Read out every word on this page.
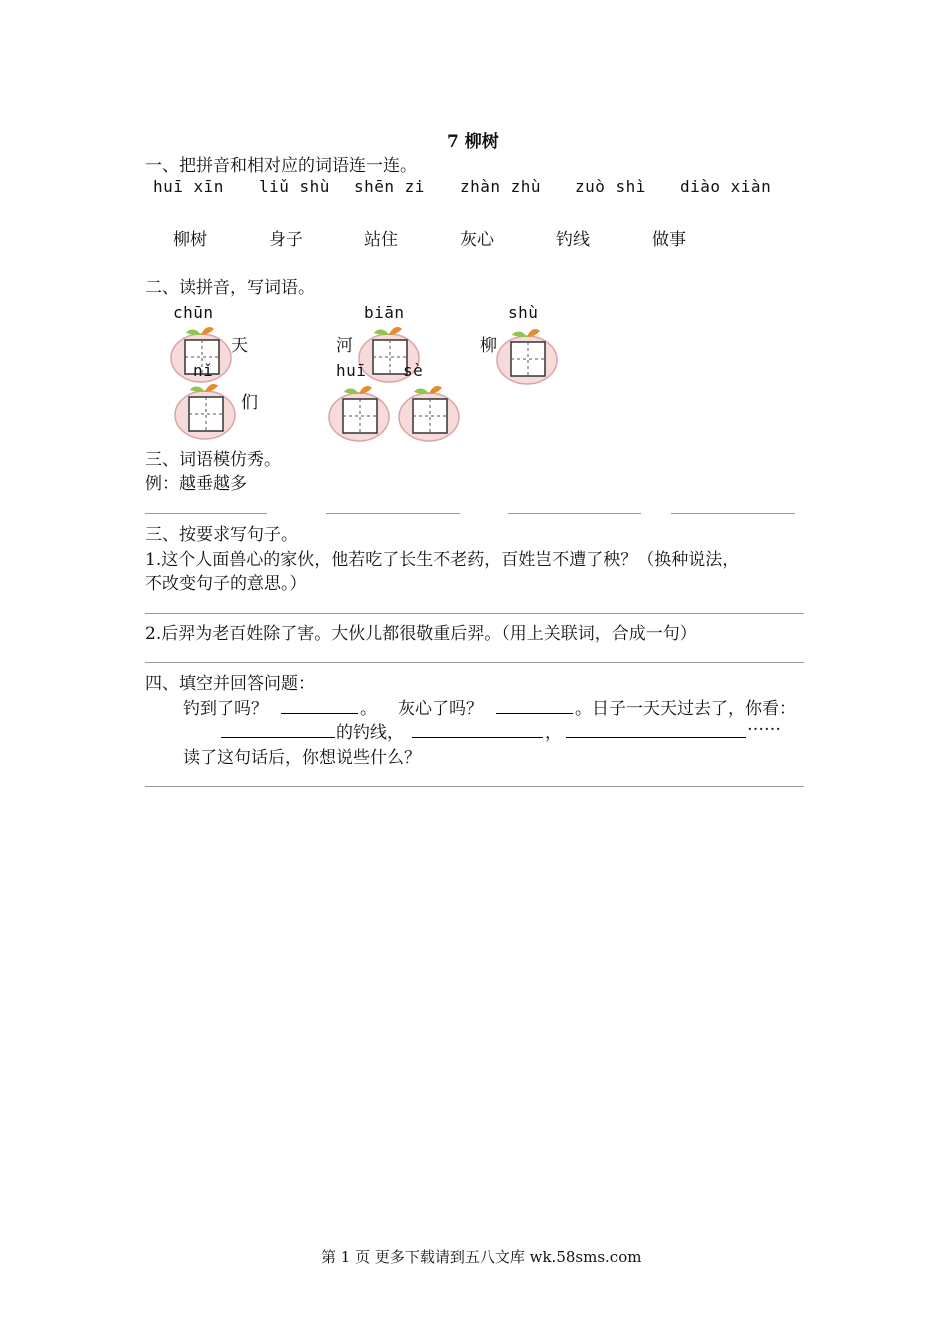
7 柳树
一、把拼音和相对应的词语连一连。
huī xīn liǔ shù shēn zi zhàn zhù zuò shì diào xiàn
柳树	身子	站住	灰心	钓线	做事
二、读拼音，写词语。
chūn	biān	shù
天	河	柳
nǐ	huī sè
们
三、词语模仿秀。
例：越垂越多
三、按要求写句子。
1.这个人面兽心的家伙，他若吃了长生不老药，百姓岂不遭了秧？（换种说法，
不改变句子的意思。）
2.后羿为老百姓除了害。大伙儿都很敬重后羿。（用上关联词，合成一句）
四、填空并回答问题：
钓到了吗？	。 灰心了吗？	。日子一天天过去了，你看：
的钓线，	，	……
读了这句话后，你想说些什么？
第 1 页 更多下载请到五八文库 wk.58sms.com
